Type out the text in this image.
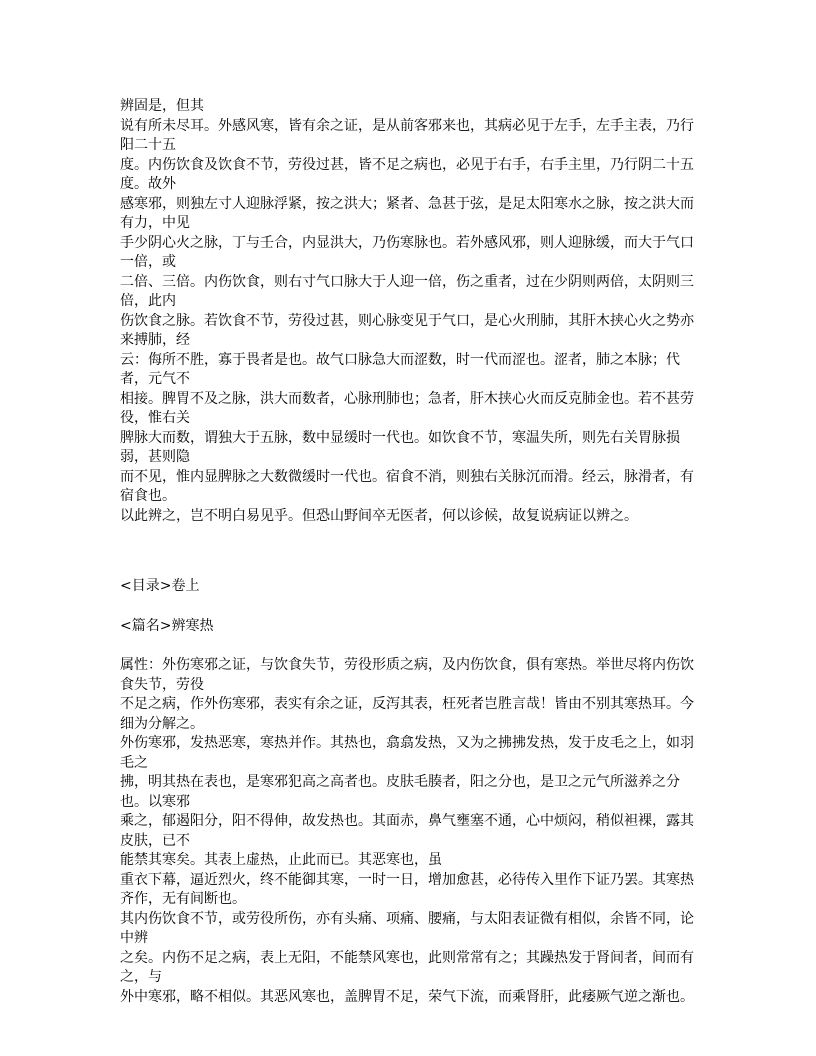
辨固是，但其
说有所未尽耳。外感风寒，皆有余之证，是从前客邪来也，其病必见于左手，左手主表，乃行阳二十五
度。内伤饮食及饮食不节，劳役过甚，皆不足之病也，必见于右手，右手主里，乃行阴二十五度。故外
感寒邪，则独左寸人迎脉浮紧，按之洪大；紧者、急甚于弦，是足太阳寒水之脉，按之洪大而有力，中见
手少阴心火之脉，丁与壬合，内显洪大，乃伤寒脉也。若外感风邪，则人迎脉缓，而大于气口一倍，或
二倍、三倍。内伤饮食，则右寸气口脉大于人迎一倍，伤之重者，过在少阴则两倍，太阴则三倍，此内
伤饮食之脉。若饮食不节，劳役过甚，则心脉变见于气口，是心火刑肺，其肝木挟心火之势亦来搏肺，经
云：侮所不胜，寡于畏者是也。故气口脉急大而涩数，时一代而涩也。涩者，肺之本脉；代者，元气不
相接。脾胃不及之脉，洪大而数者，心脉刑肺也；急者，肝木挟心火而反克肺金也。若不甚劳役，惟右关
脾脉大而数，谓独大于五脉，数中显缓时一代也。如饮食不节，寒温失所，则先右关胃脉损弱，甚则隐
而不见，惟内显脾脉之大数微缓时一代也。宿食不消，则独右关脉沉而滑。经云，脉滑者，有宿食也。
以此辨之，岂不明白易见乎。但恐山野间卒无医者，何以诊候，故复说病证以辨之。
<目录>卷上
<篇名>辨寒热
属性：外伤寒邪之证，与饮食失节，劳役形质之病，及内伤饮食，俱有寒热。举世尽将内伤饮食失节，劳役
不足之病，作外伤寒邪，表实有余之证，反泻其表，枉死者岂胜言哉！皆由不别其寒热耳。今细为分解之。
外伤寒邪，发热恶寒，寒热并作。其热也，翕翕发热，又为之拂拂发热，发于皮毛之上，如羽毛之
拂，明其热在表也，是寒邪犯高之高者也。皮肤毛腠者，阳之分也，是卫之元气所滋养之分也。以寒邪
乘之，郁遏阳分，阳不得伸，故发热也。其面赤，鼻气壅塞不通，心中烦闷，稍似袒裸，露其皮肤，已不
能禁其寒矣。其表上虚热，止此而已。其恶寒也，虽
重衣下幕，逼近烈火，终不能御其寒，一时一日，增加愈甚，必待传入里作下证乃罢。其寒热齐作，无有间断也。
其内伤饮食不节，或劳役所伤，亦有头痛、项痛、腰痛，与太阳表证微有相似，余皆不同，论中辨
之矣。内伤不足之病，表上无阳，不能禁风寒也，此则常常有之；其躁热发于肾间者，间而有之，与
外中寒邪，略不相似。其恶风寒也，盖脾胃不足，荣气下流，而乘肾肝，此痿厥气逆之渐也。
